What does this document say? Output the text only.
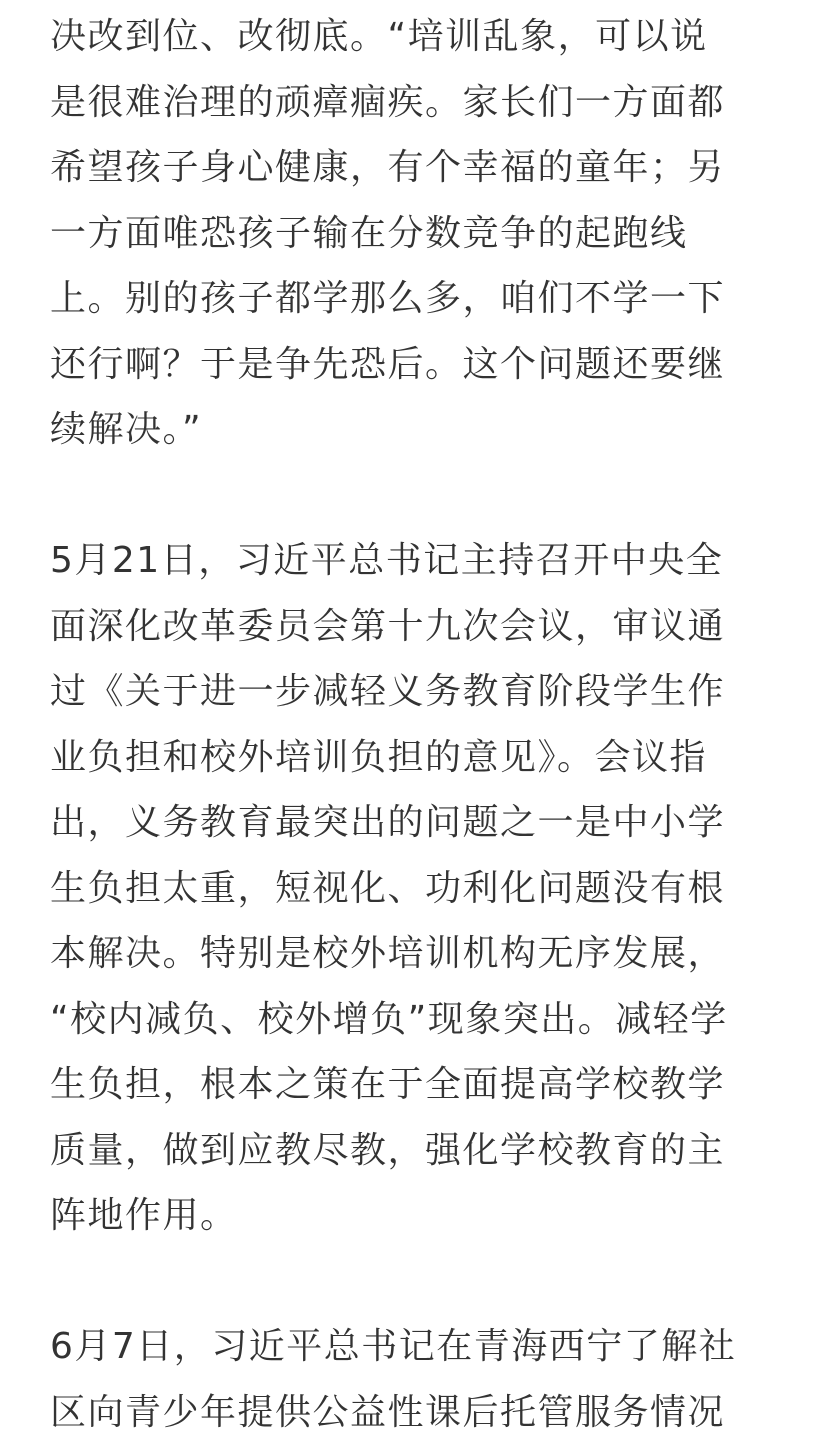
决改到位、改彻底。“培训乱象，可以说
是很难治理的顽瘴痼疾。家长们一方面都
希望孩子身心健康，有个幸福的童年；另
一方面唯恐孩子输在分数竞争的起跑线
上。别的孩子都学那么多，咱们不学一下
还行啊？于是争先恐后。这个问题还要继
续解决。”
5月21日，习近平总书记主持召开中央全
面深化改革委员会第十九次会议，审议通
过《关于进一步减轻义务教育阶段学生作
业负担和校外培训负担的意见》。会议指
出，义务教育最突出的问题之一是中小学
生负担太重，短视化、功利化问题没有根
本解决。特别是校外培训机构无序发展，
“校内减负、校外增负”现象突出。减轻学
生负担，根本之策在于全面提高学校教学
质量，做到应教尽教，强化学校教育的主
阵地作用。
6月7日，习近平总书记在青海西宁了解社
区向青少年提供公益性课后托管服务情况
